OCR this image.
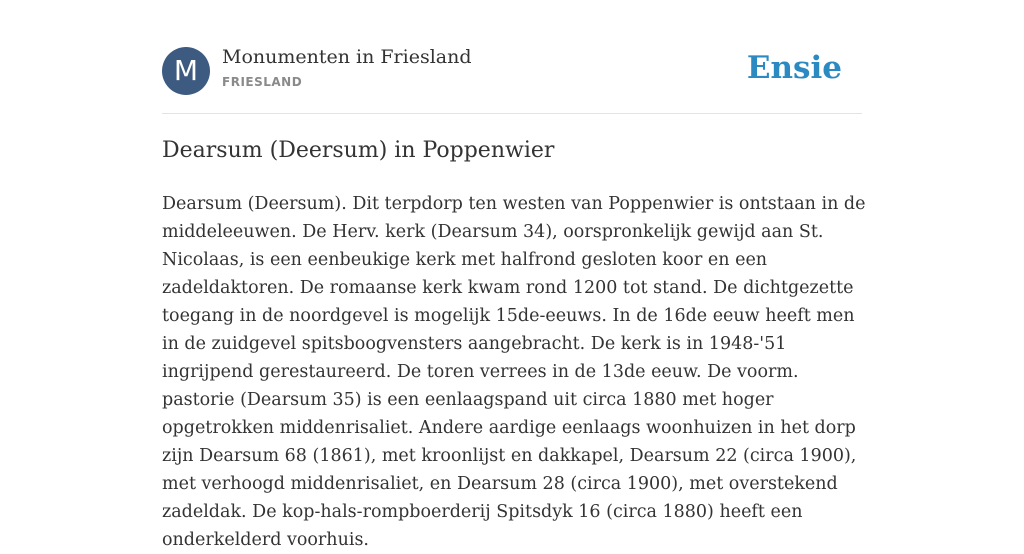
M	Monumenten in Friesland
FRIESLAND	Ensie
Dearsum (Deersum) in Poppenwier

Dearsum (Deersum). Dit terpdorp ten westen van Poppenwier is ontstaan in de middeleeuwen. De Herv. kerk (Dearsum 34), oorspronkelijk gewijd aan St. Nicolaas, is een eenbeukige kerk met halfrond gesloten koor en een zadeldaktoren. De romaanse kerk kwam rond 1200 tot stand. De dichtgezette toegang in de noordgevel is mogelijk 15de-eeuws. In de 16de eeuw heeft men in de zuidgevel spitsboogvensters aangebracht. De kerk is in 1948-'51 ingrijpend gerestaureerd. De toren verrees in de 13de eeuw. De voorm. pastorie (Dearsum 35) is een eenlaagspand uit circa 1880 met hoger opgetrokken middenrisaliet. Andere aardige eenlaags woonhuizen in het dorp zijn Dearsum 68 (1861), met kroonlijst en dakkapel, Dearsum 22 (circa 1900), met verhoogd middenrisaliet, en Dearsum 28 (circa 1900), met overstekend zadeldak. De kop-hals-rompboerderij Spitsdyk 16 (circa 1880) heeft een onderkelderd voorhuis.
